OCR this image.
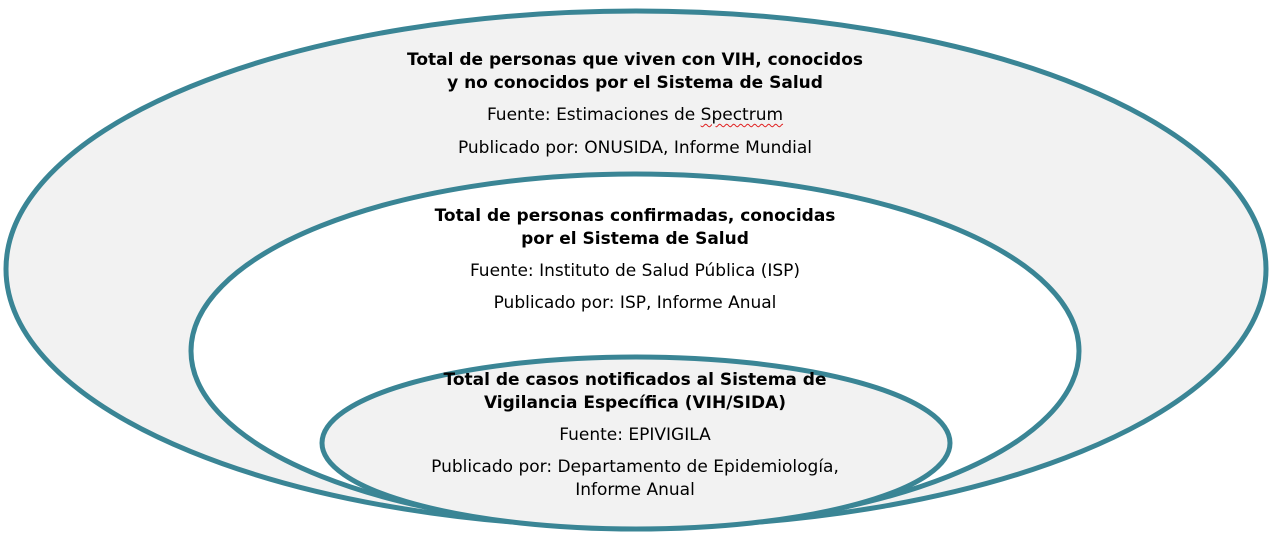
Total de personas que viven con VIH, conocidos
y no conocidos por el Sistema de Salud
Fuente: Estimaciones de Spectrum
Publicado por: ONUSIDA, Informe Mundial
Total de personas confirmadas, conocidas
por el Sistema de Salud
Fuente: Instituto de Salud Pública (ISP)
Publicado por: ISP, Informe Anual
Total de casos notificados al Sistema de
Vigilancia Específica (VIH/SIDA)
Fuente: EPIVIGILA
Publicado por: Departamento de Epidemiología,
Informe Anual
